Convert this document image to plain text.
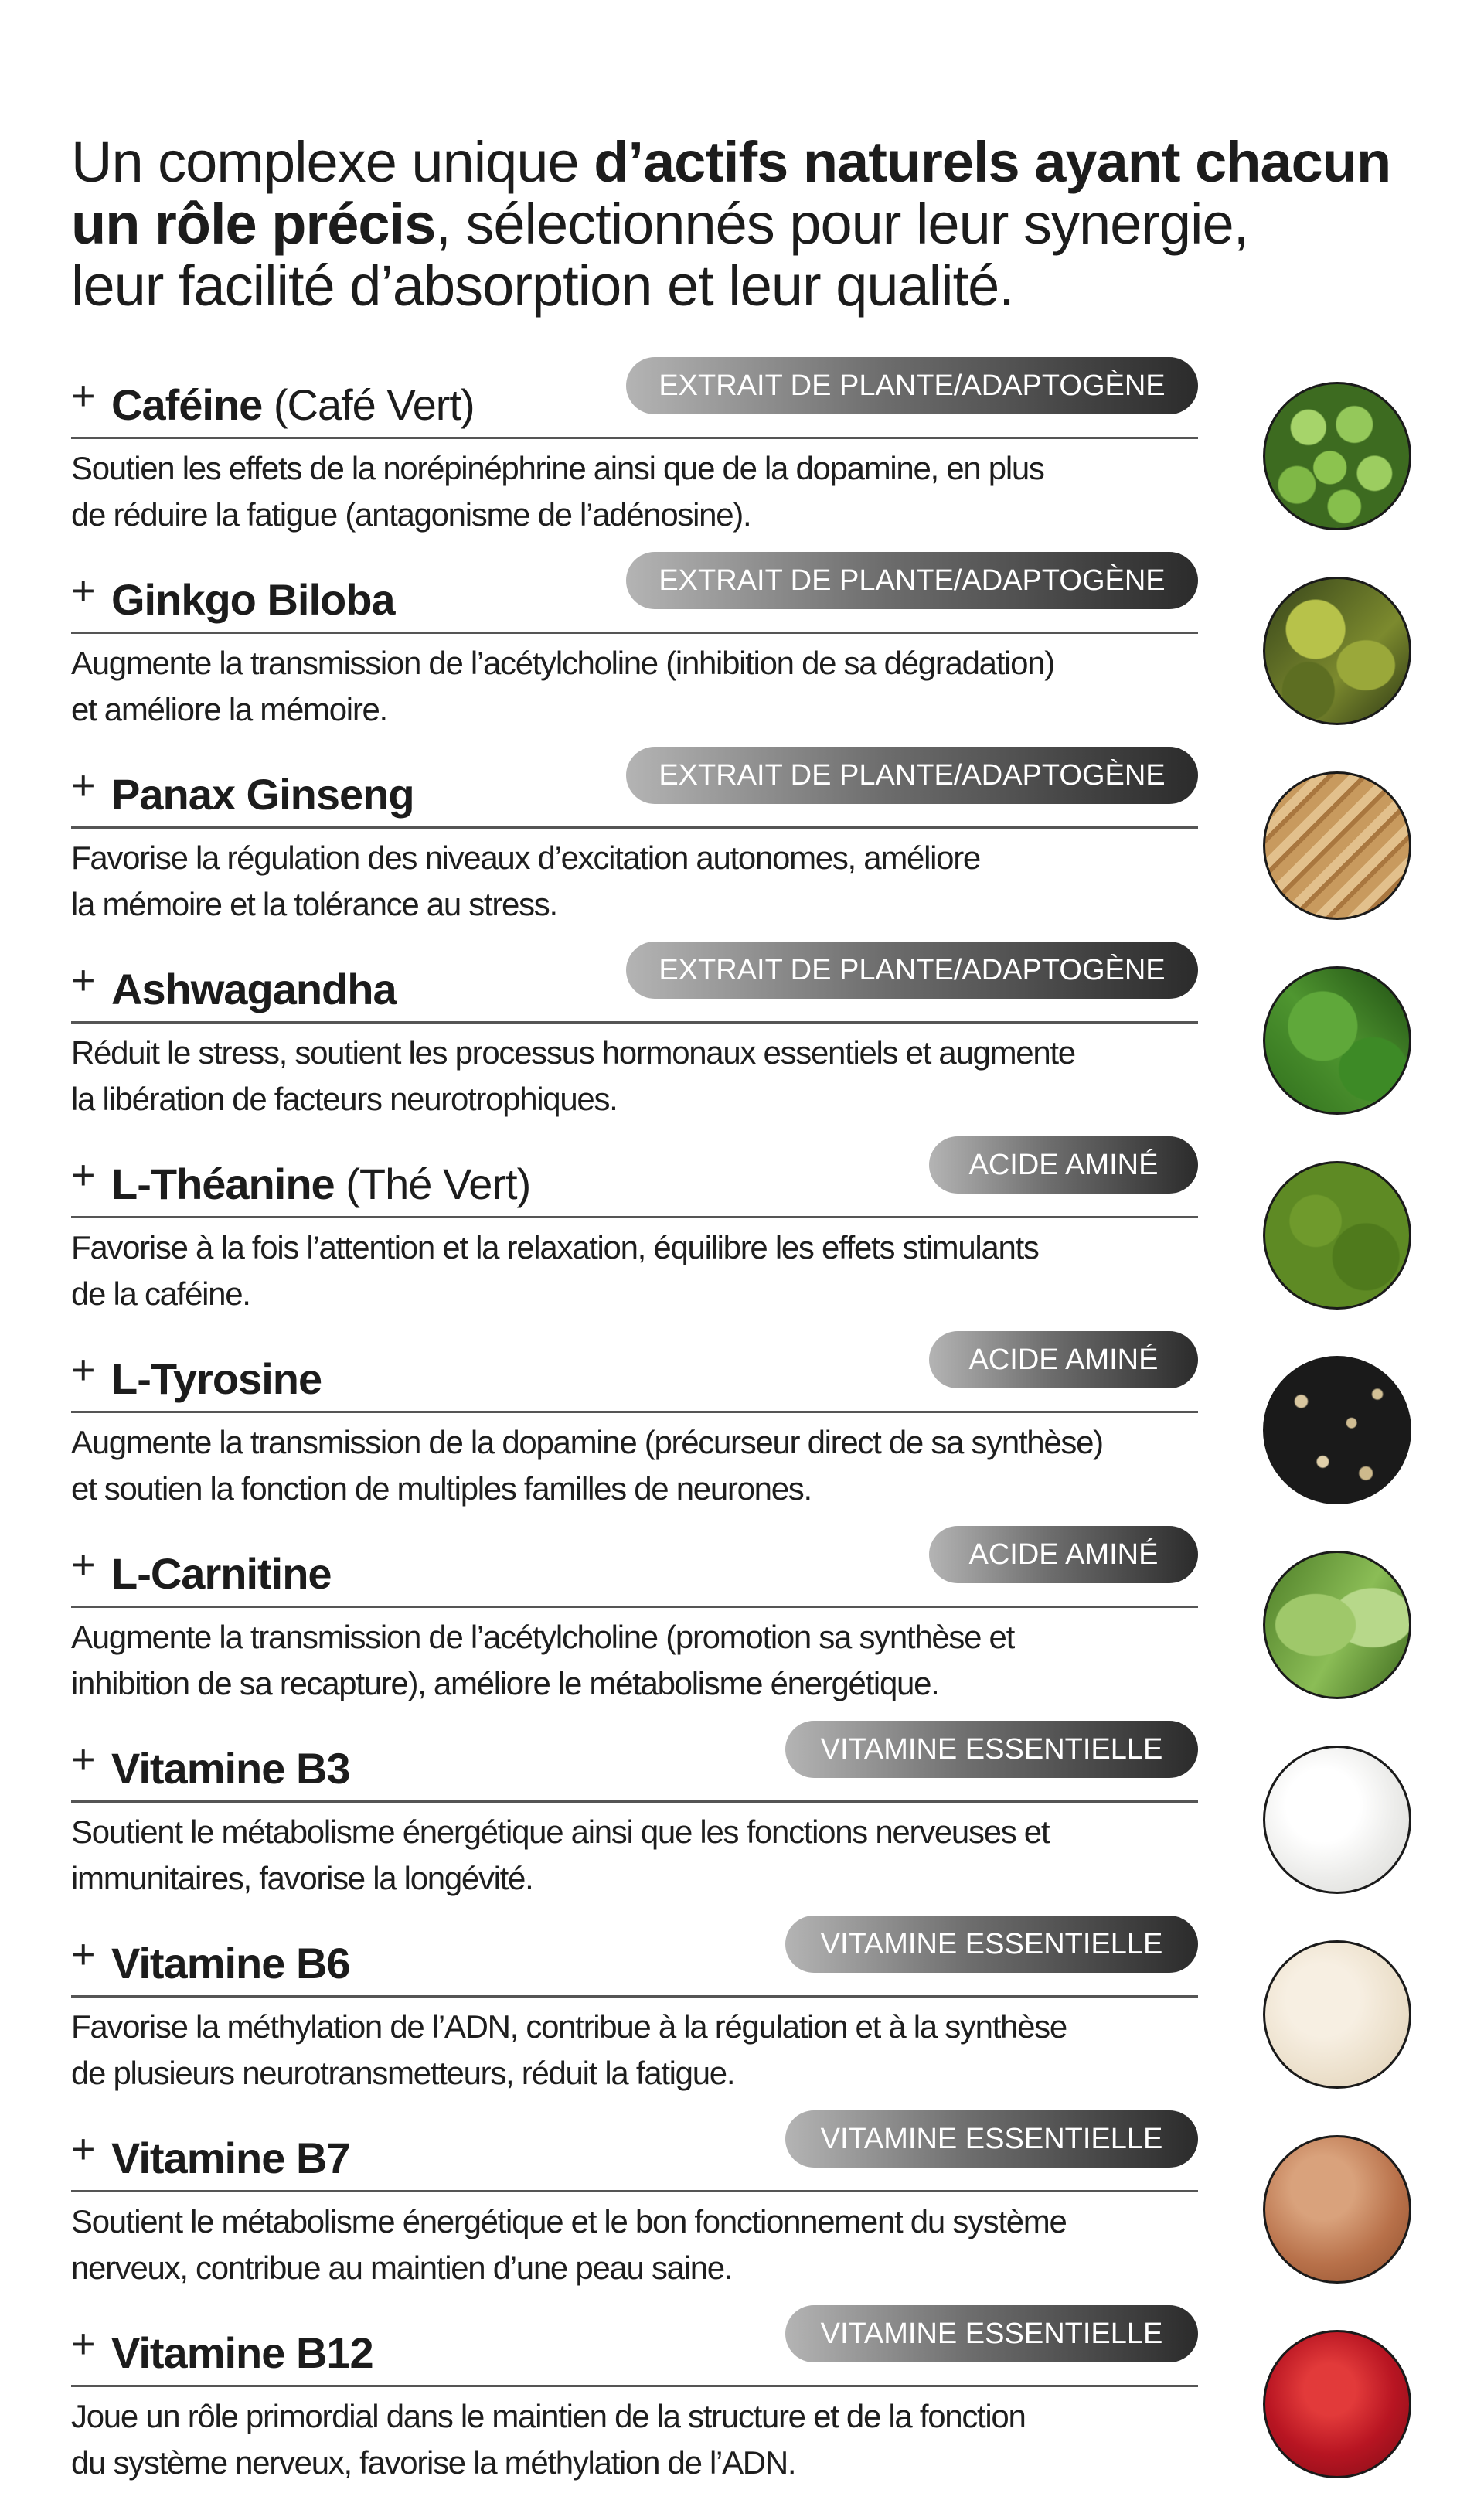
Un complexe unique d’actifs naturels ayant chacun
un rôle précis, sélectionnés pour leur synergie,
leur facilité d’absorption et leur qualité.
+ Caféine (Café Vert)	EXTRAIT DE PLANTE/ADAPTOGÈNE
Soutien les effets de la norépinéphrine ainsi que de la dopamine, en plus
de réduire la fatigue (antagonisme de l’adénosine).
+ Ginkgo Biloba	EXTRAIT DE PLANTE/ADAPTOGÈNE
Augmente la transmission de l’acétylcholine (inhibition de sa dégradation)
et améliore la mémoire.
+ Panax Ginseng	EXTRAIT DE PLANTE/ADAPTOGÈNE
Favorise la régulation des niveaux d’excitation autonomes, améliore
la mémoire et la tolérance au stress.
+ Ashwagandha	EXTRAIT DE PLANTE/ADAPTOGÈNE
Réduit le stress, soutient les processus hormonaux essentiels et augmente
la libération de facteurs neurotrophiques.
+ L-Théanine (Thé Vert)	ACIDE AMINÉ
Favorise à la fois l’attention et la relaxation, équilibre les effets stimulants
de la caféine.
+ L-Tyrosine	ACIDE AMINÉ
Augmente la transmission de la dopamine (précurseur direct de sa synthèse)
et soutien la fonction de multiples familles de neurones.
+ L-Carnitine	ACIDE AMINÉ
Augmente la transmission de l’acétylcholine (promotion sa synthèse et
inhibition de sa recapture), améliore le métabolisme énergétique.
+ Vitamine B3	VITAMINE ESSENTIELLE
Soutient le métabolisme énergétique ainsi que les fonctions nerveuses et
immunitaires, favorise la longévité.
+ Vitamine B6	VITAMINE ESSENTIELLE
Favorise la méthylation de l’ADN, contribue à la régulation et à la synthèse
de plusieurs neurotransmetteurs, réduit la fatigue.
+ Vitamine B7	VITAMINE ESSENTIELLE
Soutient le métabolisme énergétique et le bon fonctionnement du système
nerveux, contribue au maintien d’une peau saine.
+ Vitamine B12	VITAMINE ESSENTIELLE
Joue un rôle primordial dans le maintien de la structure et de la fonction
du système nerveux, favorise la méthylation de l’ADN.
